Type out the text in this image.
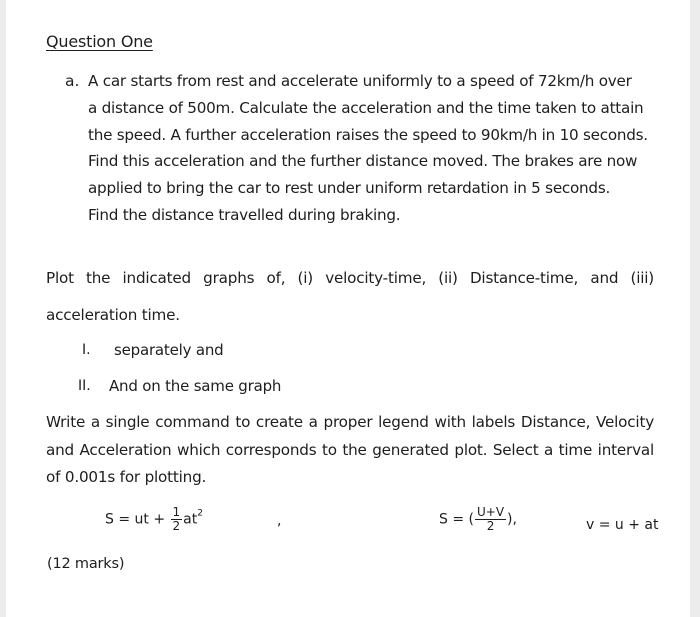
Question One
a. A car starts from rest and accelerate uniformly to a speed of 72km/h over
a distance of 500m. Calculate the acceleration and the time taken to attain
the speed. A further acceleration raises the speed to 90km/h in 10 seconds.
Find this acceleration and the further distance moved. The brakes are now
applied to bring the car to rest under uniform retardation in 5 seconds.
Find the distance travelled during braking.
Plot the indicated graphs of, (i) velocity-time, (ii) Distance-time, and (iii)
acceleration time.
I. separately and
II. And on the same graph
Write a single command to create a proper legend with labels Distance, Velocity
and Acceleration which corresponds to the generated plot. Select a time interval
of 0.001s for plotting.
S = ut + $\frac{1}{2} at^2$	,	S = ( $\frac{U+V}{2}$ ),	v = u + at
(12 marks)
